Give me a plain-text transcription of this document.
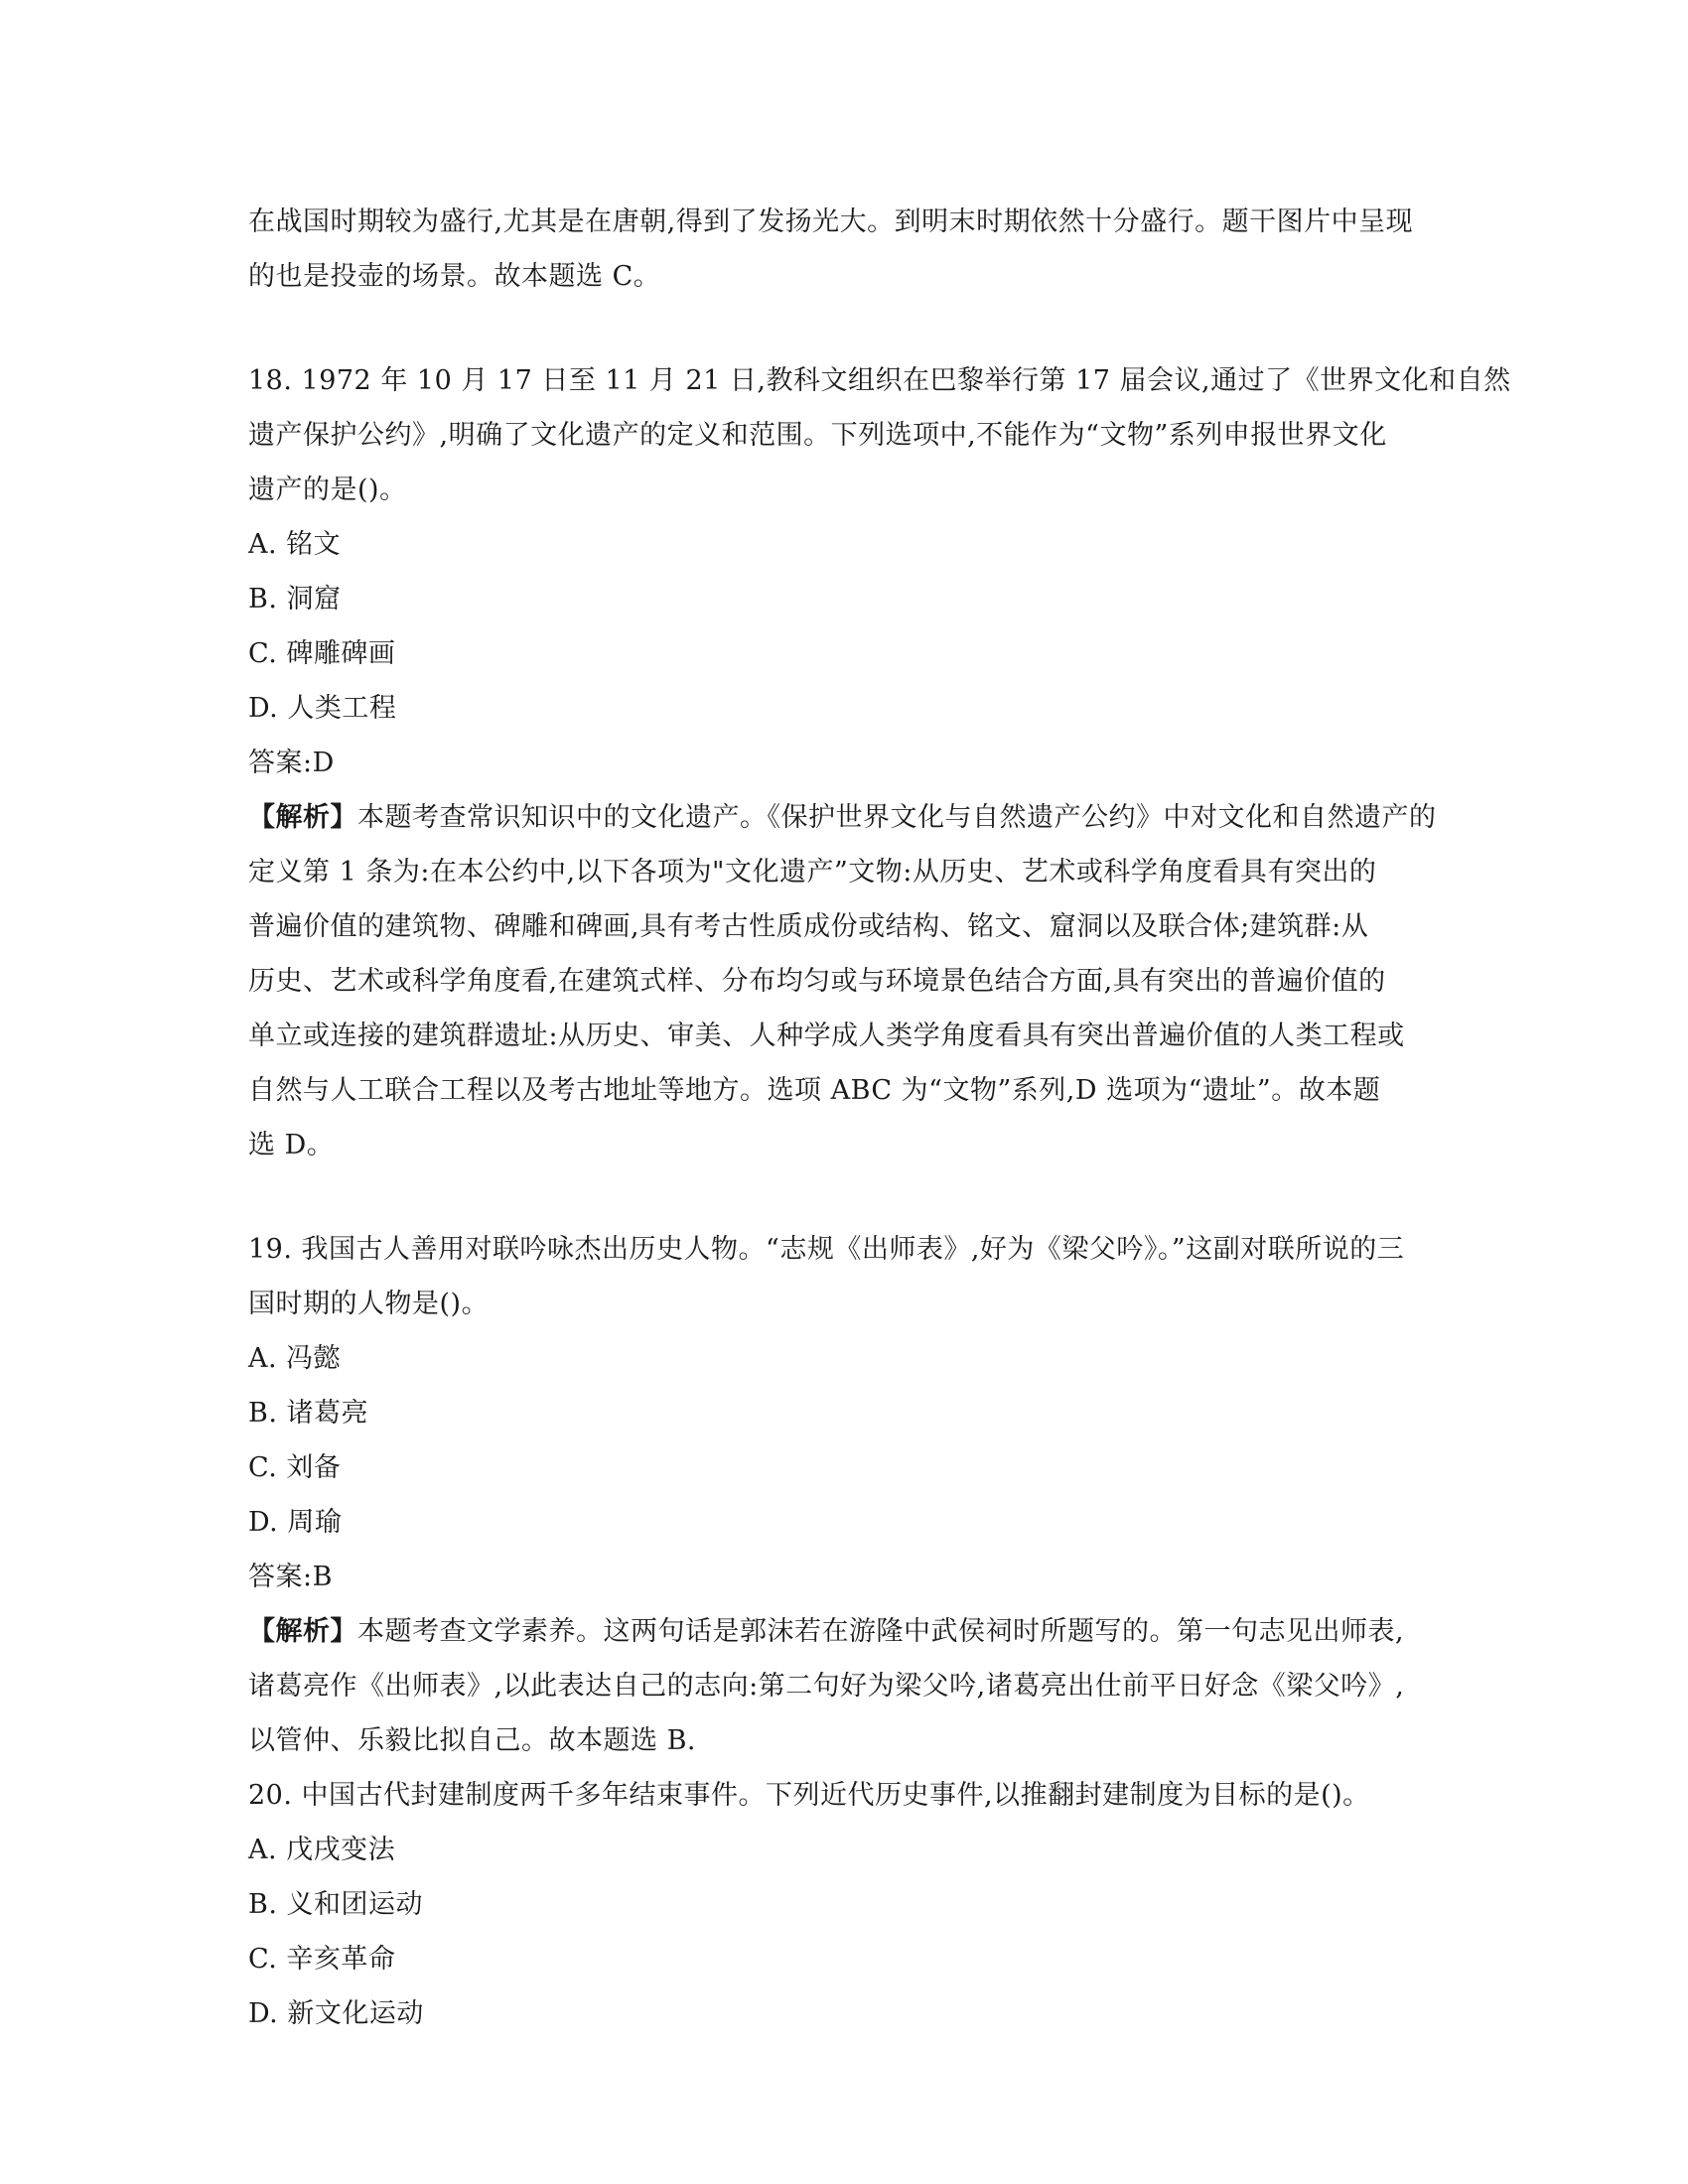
在战国时期较为盛行,尤其是在唐朝,得到了发扬光大。到明末时期依然十分盛行。题干图片中呈现
的也是投壶的场景。故本题选 C。
18. 1972 年 10 月 17 日至 11 月 21 日,教科文组织在巴黎举行第 17 届会议,通过了《世界文化和自然
遗产保护公约》,明确了文化遗产的定义和范围。下列选项中,不能作为“文物”系列申报世界文化
遗产的是()。
A. 铭文
B. 洞窟
C. 碑雕碑画
D. 人类工程
答案:D
【解析】本题考查常识知识中的文化遗产。《保护世界文化与自然遗产公约》中对文化和自然遗产的
定义第 1 条为:在本公约中,以下各项为"文化遗产”文物:从历史、艺术或科学角度看具有突出的
普遍价值的建筑物、碑雕和碑画,具有考古性质成份或结构、铭文、窟洞以及联合体;建筑群:从
历史、艺术或科学角度看,在建筑式样、分布均匀或与环境景色结合方面,具有突出的普遍价值的
单立或连接的建筑群遗址:从历史、审美、人种学成人类学角度看具有突出普遍价值的人类工程或
自然与人工联合工程以及考古地址等地方。选项 ABC 为“文物”系列,D 选项为“遗址”。故本题
选 D。
19. 我国古人善用对联吟咏杰出历史人物。“志规《出师表》,好为《梁父吟》。”这副对联所说的三
国时期的人物是()。
A. 冯懿
B. 诸葛亮
C. 刘备
D. 周瑜
答案:B
【解析】本题考查文学素养。这两句话是郭沫若在游隆中武侯祠时所题写的。第一句志见出师表,
诸葛亮作《出师表》,以此表达自己的志向:第二句好为梁父吟,诸葛亮出仕前平日好念《梁父吟》,
以管仲、乐毅比拟自己。故本题选 B.
20. 中国古代封建制度两千多年结束事件。下列近代历史事件,以推翻封建制度为目标的是()。
A. 戊戌变法
B. 义和团运动
C. 辛亥革命
D. 新文化运动
